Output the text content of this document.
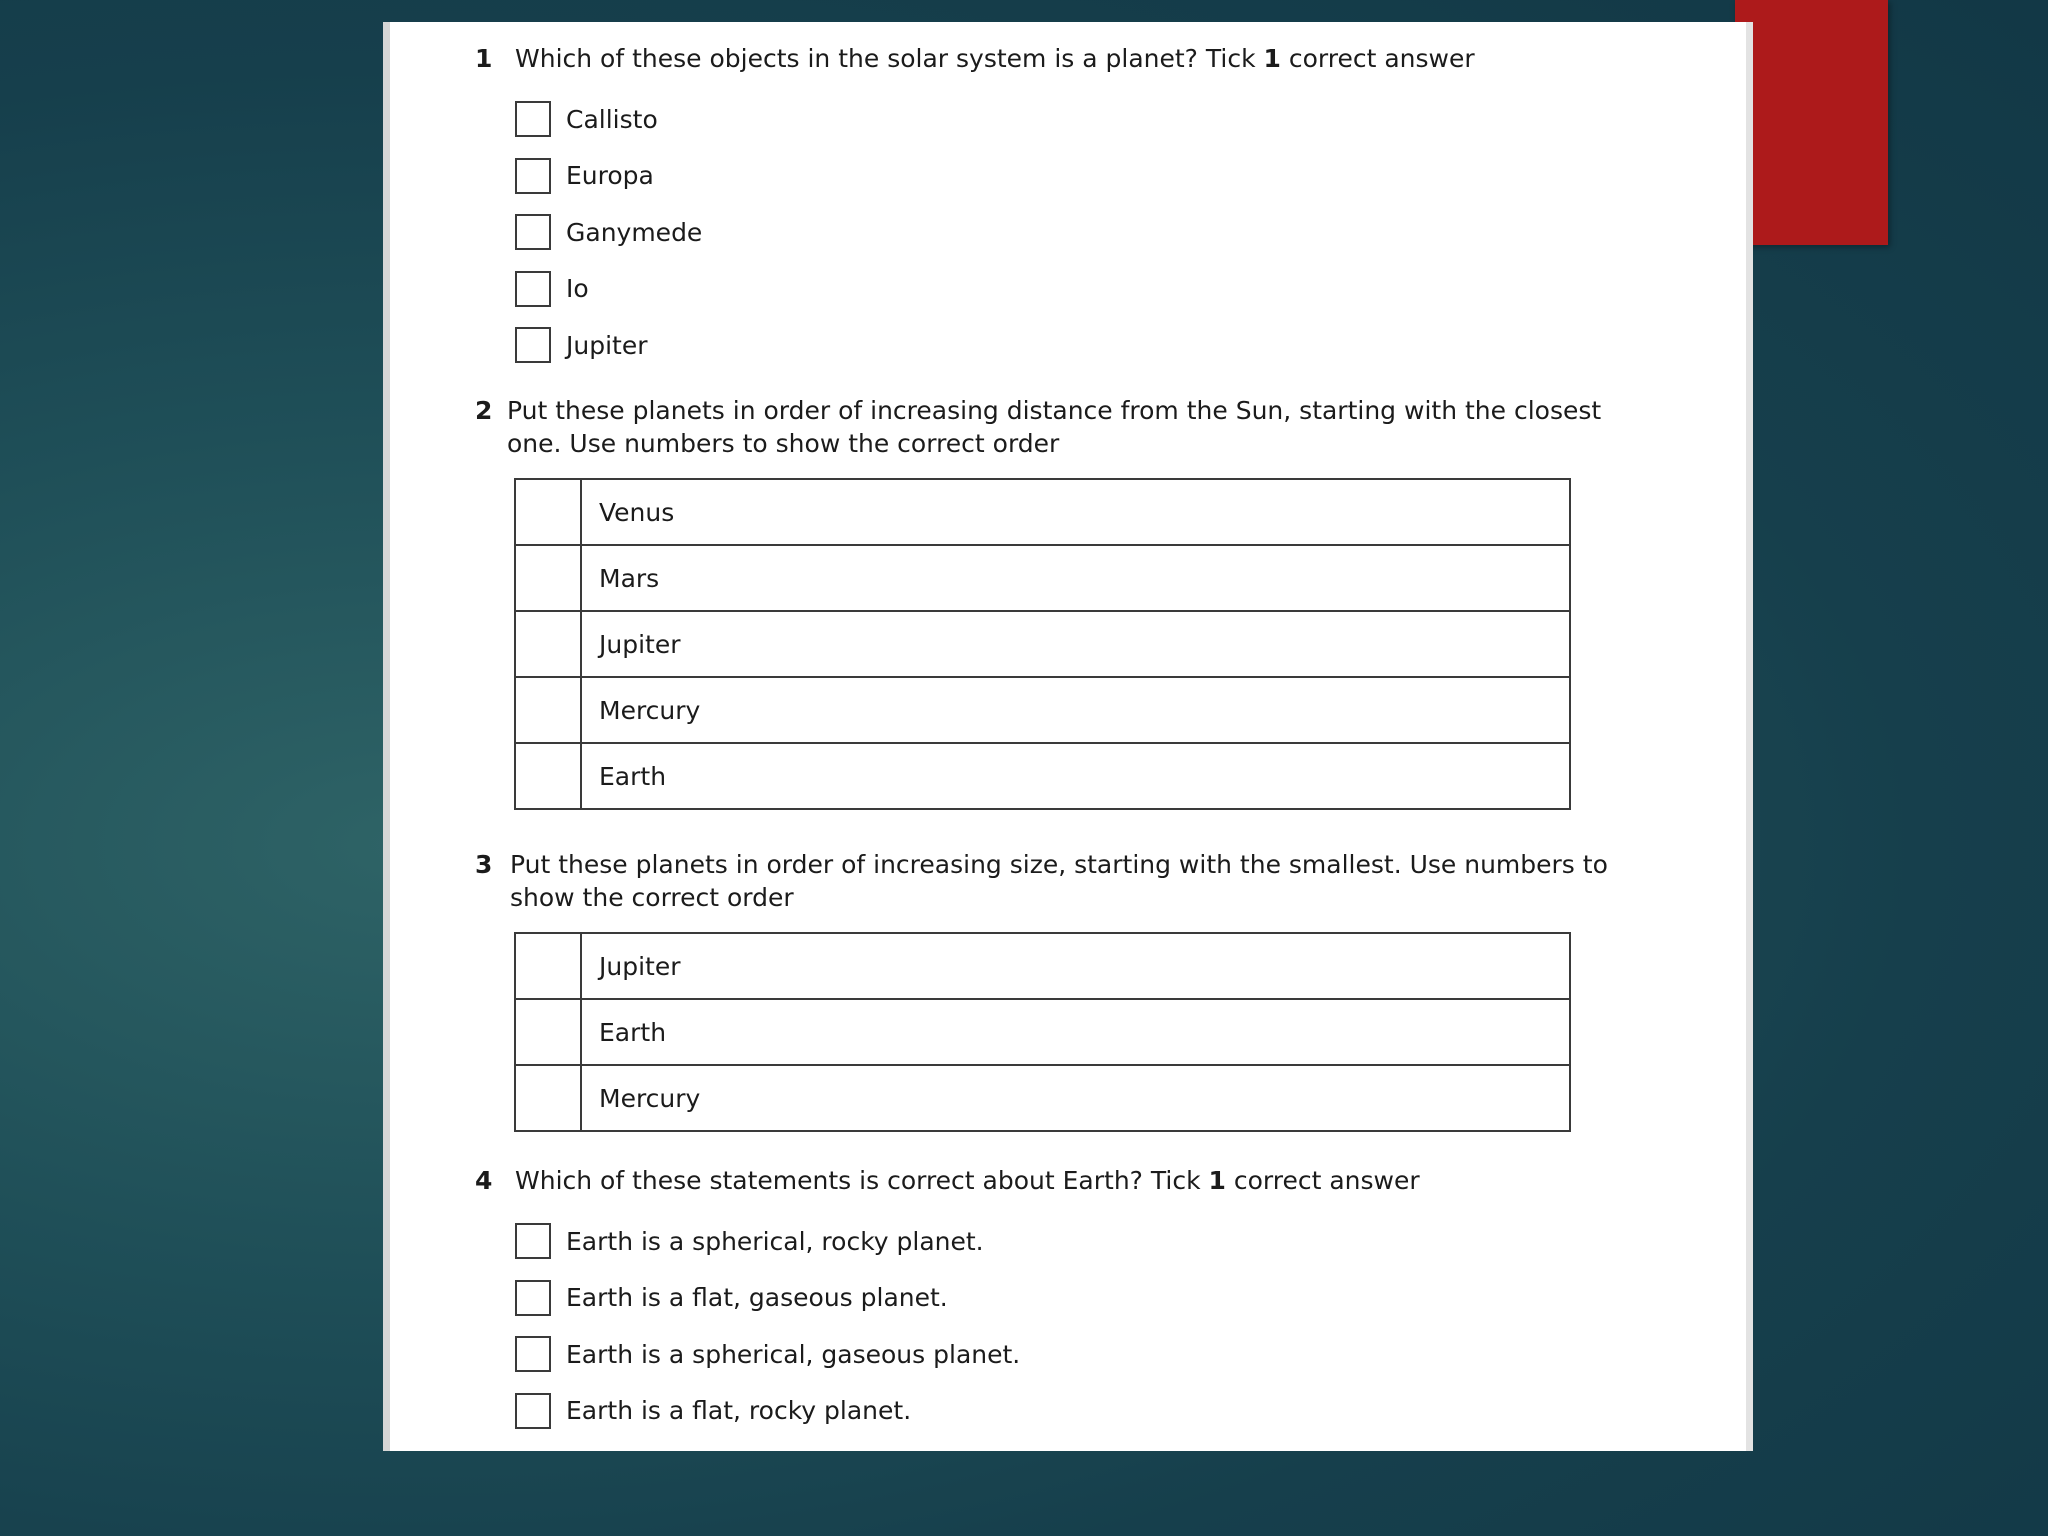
1 Which of these objects in the solar system is a planet? Tick 1 correct answer
Callisto
Europa
Ganymede
Io
Jupiter
2 Put these planets in order of increasing distance from the Sun, starting with the closest one. Use numbers to show the correct order
	Venus
	Mars
	Jupiter
	Mercury
	Earth
3 Put these planets in order of increasing size, starting with the smallest. Use numbers to show the correct order
	Jupiter
	Earth
	Mercury
4 Which of these statements is correct about Earth? Tick 1 correct answer
Earth is a spherical, rocky planet.
Earth is a flat, gaseous planet.
Earth is a spherical, gaseous planet.
Earth is a flat, rocky planet.
